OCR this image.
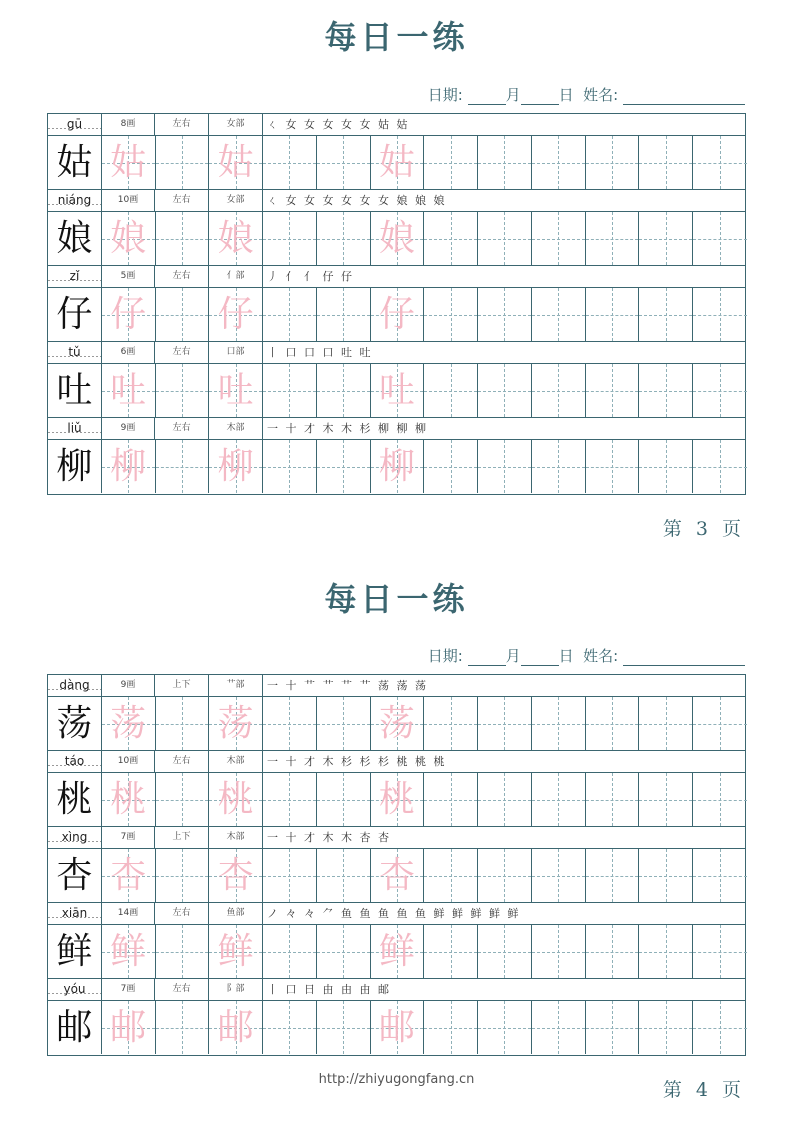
每日一练
日期:	月	日 姓名:
gū	8画	左右	女部	ㄑ 女 女 女 女 女 姑 姑
姑 姑 姑	姑
niáng	10画	左右	女部	ㄑ 女 女 女 女 女 女 娘 娘 娘
娘 娘 娘	娘
zǐ	5画	左右	亻部	丿 亻 亻 仔 仔
仔 仔 仔	仔
tǔ	6画	左右	口部	丨 口 口 口 吐 吐
吐 吐 吐	吐
liǔ	9画	左右	木部	一 十 才 木 木 杉 柳 柳 柳
柳 柳 柳	柳
第 3 页
每日一练
日期:	月	日 姓名:
dàng	9画	上下	艹部	一 十 艹 艹 艹 艹 荡 荡 荡
荡 荡 荡	荡
táo	10画	左右	木部	一 十 才 木 杉 杉 杉 桃 桃 桃
桃 桃 桃	桃
xìng	7画	上下	木部	一 十 才 木 木 杏 杏
杏 杏 杏	杏
xiān	14画	左右	鱼部	ノ 々 々 ⺈ 鱼 鱼 鱼 鱼 鱼 鲜 鲜 鲜 鲜 鲜
鲜 鲜 鲜	鲜
yóu	7画	左右	阝部	丨 口 日 由 由 由 邮
邮 邮 邮	邮
第 4 页
http://zhiyugongfang.cn
